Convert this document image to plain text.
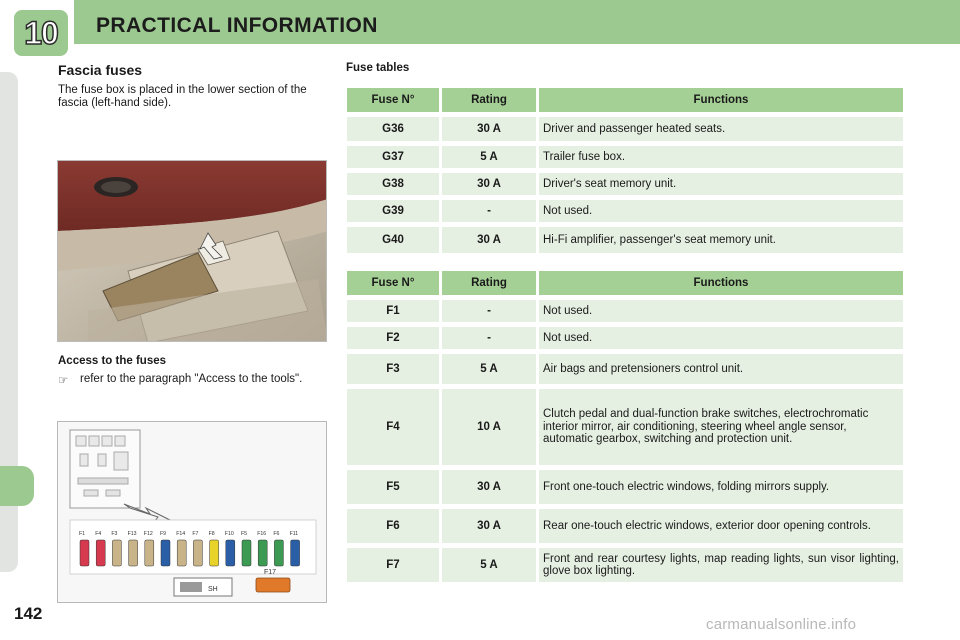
10	PRACTICAL INFORMATION
142
Fascia fuses
The fuse box is placed in the lower section of the fascia (left-hand side).
Access to the fuses
☞ refer to the paragraph "Access to the tools".
F1 F4 F3 F13 F12 F9 F14 F7 F8 F10 F5 F16 F6 F11
SH
F17
Fuse tables
Fuse N°	Rating	Functions
G36	30 A	Driver and passenger heated seats.
G37	5 A	Trailer fuse box.
G38	30 A	Driver's seat memory unit.
G39	-	Not used.
G40	30 A	Hi-Fi amplifier, passenger's seat memory unit.
Fuse N°	Rating	Functions
F1	-	Not used.
F2	-	Not used.
F3	5 A	Air bags and pretensioners control unit.
F4	10 A	Clutch pedal and dual-function brake switches, electrochromatic interior mirror, air conditioning, steering wheel angle sensor, automatic gearbox, switching and protection unit.
F5	30 A	Front one-touch electric windows, folding mirrors supply.
F6	30 A	Rear one-touch electric windows, exterior door opening controls.
F7	5 A	Front and rear courtesy lights, map reading lights, sun visor lighting, glove box lighting.
carmanualsonline.info
